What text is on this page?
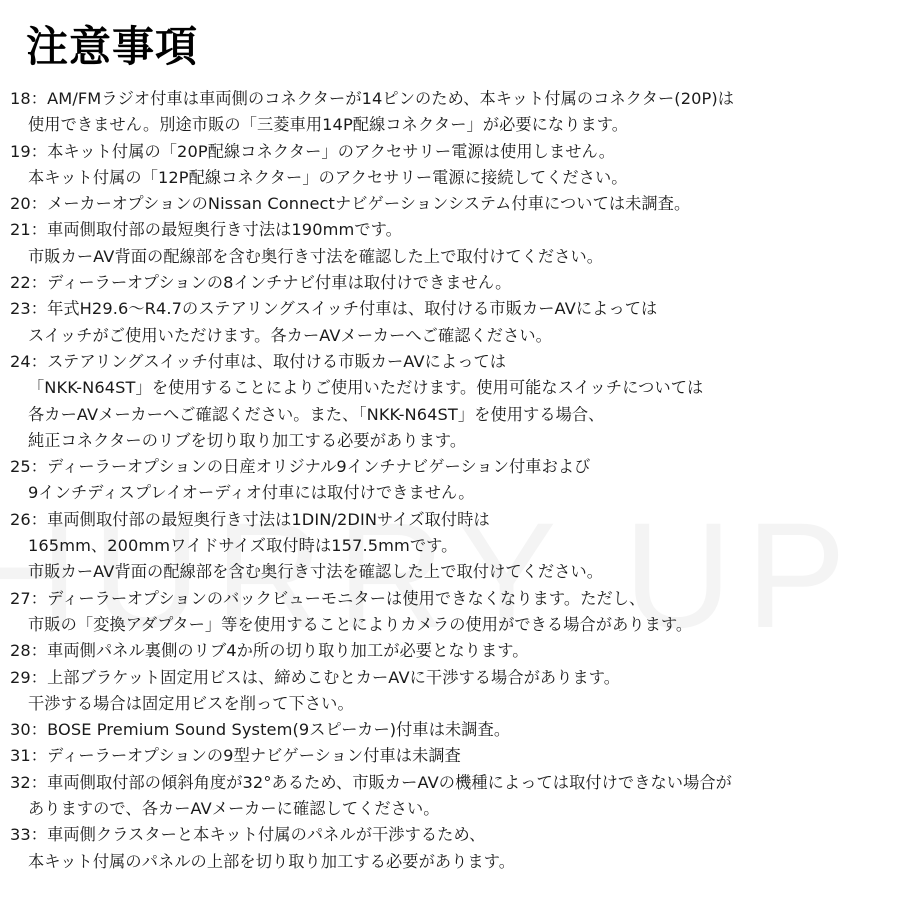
注意事項
18：AM/FMラジオ付車は車両側のコネクターが14ピンのため、本キット付属のコネクター(20P)は
使用できません。別途市販の「三菱車用14P配線コネクター」が必要になります。
19：本キット付属の「20P配線コネクター」のアクセサリー電源は使用しません。
本キット付属の「12P配線コネクター」のアクセサリー電源に接続してください。
20：メーカーオプションのNissan Connectナビゲーションシステム付車については未調査。
21：車両側取付部の最短奥行き寸法は190mmです。
市販カーAV背面の配線部を含む奥行き寸法を確認した上で取付けてください。
22：ディーラーオプションの8インチナビ付車は取付けできません。
23：年式H29.6～R4.7のステアリングスイッチ付車は、取付ける市販カーAVによっては
スイッチがご使用いただけます。各カーAVメーカーへご確認ください。
24：ステアリングスイッチ付車は、取付ける市販カーAVによっては
「NKK-N64ST」を使用することによりご使用いただけます。使用可能なスイッチについては
各カーAVメーカーへご確認ください。また、「NKK-N64ST」を使用する場合、
純正コネクターのリブを切り取り加工する必要があります。
25：ディーラーオプションの日産オリジナル9インチナビゲーション付車および
9インチディスプレイオーディオ付車には取付けできません。
26：車両側取付部の最短奥行き寸法は1DIN/2DINサイズ取付時は
165mm、200mmワイドサイズ取付時は157.5mmです。
市販カーAV背面の配線部を含む奥行き寸法を確認した上で取付けてください。
27：ディーラーオプションのバックビューモニターは使用できなくなります。ただし、
市販の「変換アダプター」等を使用することによりカメラの使用ができる場合があります。
28：車両側パネル裏側のリブ4か所の切り取り加工が必要となります。
29：上部ブラケット固定用ビスは、締めこむとカーAVに干渉する場合があります。
干渉する場合は固定用ビスを削って下さい。
30：BOSE Premium Sound System(9スピーカー)付車は未調査。
31：ディーラーオプションの9型ナビゲーション付車は未調査
32：車両側取付部の傾斜角度が32°あるため、市販カーAVの機種によっては取付けできない場合が
ありますので、各カーAVメーカーに確認してください。
33：車両側クラスターと本キット付属のパネルが干渉するため、
本キット付属のパネルの上部を切り取り加工する必要があります。
